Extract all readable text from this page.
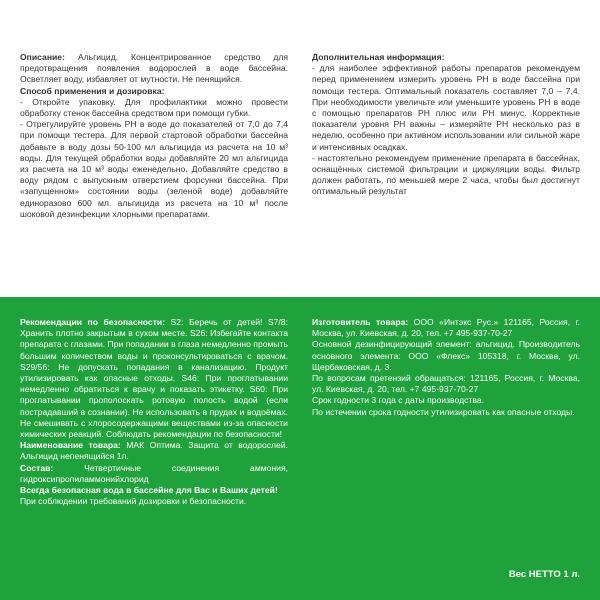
Описание: Альгицид. Концентрированное средство для предотвращения появления водорослей в воде бассейна. Осветляет воду, избавляет от мутности. Не пенящийся.

Способ применения и дозировка:

- Откройте упаковку. Для профилактики можно провести обработку стенок бассейна средством при помощи губки.

- Отрегулируйте уровень PH в воде до показателей от 7,0 до 7,4 при помощи тестера. Для первой стартовой обработки бассейна добавьте в воду дозы 50-100 мл альгицида из расчета на 10 м³ воды. Для текущей обработки воды добавляйте 20 мл альгицида из расчета на 10 м³ воды еженедельно. Добавляйте средство в воду рядом с выпускным отверстием форсунки бассейна. При «запущенном» состоянии воды (зеленой воде) добавляйте единоразово 600 мл. альгицида из расчета на 10 м³ после шоковой дезинфекции хлорными препаратами.

Дополнительная информация:

- для наиболее эффективной работы препаратов рекомендуем перед применением измерить уровень PH в воде бассейна при помощи тестера. Оптимальный показатель составляет 7,0 – 7,4. При необходимости увеличьте или уменьшите уровень PH в воде с помощью препаратов PH плюс или PH минус. Корректные показатели уровня PH важны – измеряйте PH несколько раз в неделю, особенно при активном использовании или сильной жаре и интенсивных осадках.

- настоятельно рекомендуем применение препарата в бассейнах, оснащённых системой фильтрации и циркуляции воды. Фильтр должен работать, по меньшей мере 2 часа, чтобы был достигнут оптимальный результат

Рекомендации по безопасности: S2: Беречь от детей! S7/8: Хранить плотно закрытым в сухом месте. S26: Избегайте контакта препарата с глазами. При попадании в глаза немедленно промыть большим количеством воды и проконсультироваться с врачом. S29/56: Не допускать попадания в канализацию. Продукт утилизировать как опасные отходы. S46: При проглатывании немедленно обратиться к врачу и показать этикетку. S60: При проглатывании прополоскать ротовую полость водой (если пострадавший в сознании). Не использовать в прудах и водоёмах. Не смешивать с хлоросодержащими веществами из-за опасности химических реакций. Соблюдать рекомендации по безопасности!

Наименование товара: МАК Оптима. Защита от водорослей. Альгицид непенящийся 1л.

Состав: Четвертичные соединения аммония, гидроксипропиламмонийхлорид

Всегда безопасная вода в бассейне для Вас и Ваших детей!

При соблюдении требований дозировки и безопасности.

Изготовитель товара: ООО «Интэкс Рус.» 121165, Россия, г. Москва, ул. Киевская, д. 20, тел. +7 495-937-70-27

Основной дезинфицирующий элемент: альгицид. Производитель основного элемента: ООО «Флекс» 105318, г. Москва, ул. Щербаковская, д. 3.

По вопросам претензий обращаться: 121165, Россия, г. Москва, ул. Киевская, д. 20, тел. +7 495-937-70-27

Срок годности 3 года с даты производства.

По истечении срока годности утилизировать как опасные отходы.

Вес НЕТТО 1 л.
